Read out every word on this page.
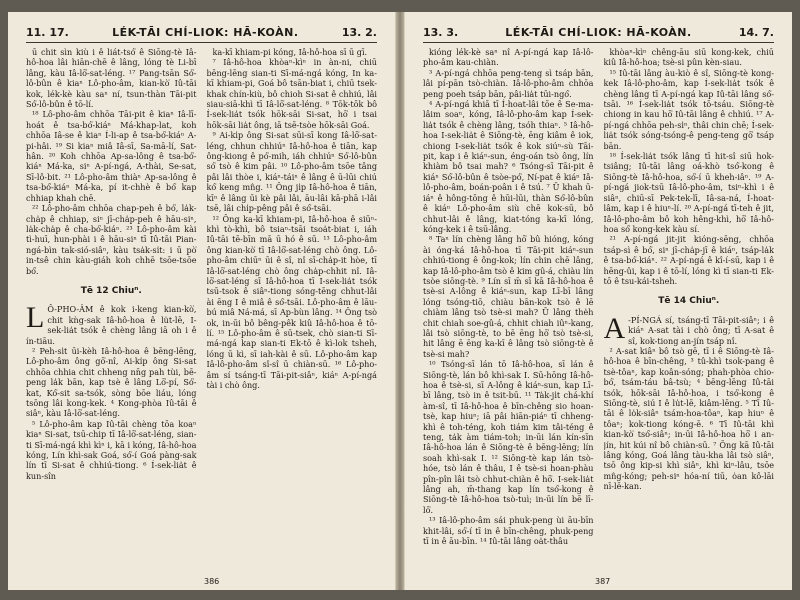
11. 17.	LÉK-TĀI CHÍ-LIOK: HĀ-KOÀN.	13. 2.

ū chit sìn kiù i ê liát-tsó͘ ê Siōng-tè Iâ-hô-hoa lâi hiān-chē ê lâng, lóng tè Li-bī lâng, kàu Iâ-lō͘-sat-léng. ¹⁷ Pang-tsān Só͘-lô-bûn ê kiaⁿ Lô-pho-âm, kian-kò͘ Iû-tāi kok, lék-kè kàu saⁿ ní, tsun-thàn Tāi-pit Só͘-lô-bûn ê tō-lí.

¹⁸ Lô-pho-âm chhōa Tāi-pit ê kiaⁿ Iâ-lī-hoát ê tsa-bó͘-kiáⁿ Má-khap-lat, koh chhōa Iâ-se ê kiaⁿ Í-li-ap ê tsa-bó͘-kiáⁿ A-pi-hâi. ¹⁹ Si kiaⁿ miâ Iâ-sī, Sa-mā-lí, Sat-hân. ²⁰ Koh chhōa Ap-sa-lông ê tsa-bó͘-kiáⁿ Má-ka, siⁿ A-pí-ngá, A-thài, Se-sat, Sī-lô-bit. ²¹ Lô-pho-âm thiàⁿ Ap-sa-lông ê tsa-bó͘-kiáⁿ Má-ka, pí it-chhè ê bó͘ kap chhiap khah chē.

²² Lô-pho-âm chhōa chap-peh ê bó͘, la̍k-cha̍p ê chhiap, siⁿ jī-cha̍p-peh ê hāu-siⁿ, la̍k-cha̍p ê cha-bó͘-kiáⁿ. ²³ Lô-pho-âm kài tì-huī, hun-phài i ê hāu-siⁿ tī Iû-tāi Pian-ngá-bìn tak-sió-siâⁿ, kàu tsa̍k-si̍t: i ū pò͘ in-tsê chin kàu-giáh koh chhē tsōe-tsōe bó͘.

Tē 12 Chiuⁿ.

L Ô-PHO-ÂM ê kok i-keng kian-kò͘, chit kǹg-sak Iâ-hô-hoa ê lu̍t-lē, I-sek-lia̍t tsók ê chèng lâng iā oh i ê ín-tiāu.

² Peh-si̍t ūi-kèh Iâ-hô-hoa ê bēng-lēng, Lô-pho-âm ông gō͘-nî, Ai-ki̍p ông Si-sat chhōa chhia chit chheng nn̄g pah tùi, bē-peng la̍k bān, kap tsè ê lâng Lō͘-pí, Só͘-kat, Kó͘-sit sa-tsók, sòng bōe liáu, lóng tsōng lâi kong-kek. ⁴ Kong-phòa Iû-tāi ê siâⁿ, kàu Iâ-lō͘-sat-léng.

⁵ Lô-pho-âm kap Iû-tāi chèng tōa koaⁿ kiaⁿ Si-sat, tsū-chip tī Iâ-lō͘-sat-léng, sian-ti Sī-má-ngá khì kìⁿ i, kā i kóng, Iâ-hô-hoa kóng, Lín khì-sak Goá, só͘-í Goá pàng-sak lín tī Si-sat ê chhiú-tiong. ⁶ Í-sek-lia̍t ê kun-sîn

ka-kī khiam-pi kóng, Iâ-hô-hoa sī ū gī.

⁷ Iâ-hô-hoa khòaⁿ-kìⁿ in àn-ni, chiū bēng-lēng sian-ti Sī-má-ngá kóng, In ka-kī khiam-pi, Goá bô tsān-biat i, chiū tsek-khak chín-kiù, bô chioh Si-sat ê chhiú, lâi siau-siā-khì tī Iâ-lō͘-sat-léng. ⁸ Tōk-tōk bô Í-sek-lia̍t tsók hōk-sāi Si-sat, hō͘ i tsai hōk-sāi lia̍t ông, iā tsē-tsòe hōk-sāi Goá.

⁹ Ai-ki̍p ông Si-sat sūi-sī kong Iâ-lō͘-sat-léng, chhun chhiúⁿ Iâ-hô-hoa ê tiān, kap ông-kiong ê pó͘-mih, iáh chhiúⁿ Só͘-lô-bûn só͘ tsò ê kim pâi. ¹⁰ Lô-pho-âm tsōe tâng pâi lâi thòe i, kiáⁿ-táiⁿ ê lâng ê ū-lūi chiú kó͘ keng mn̂g. ¹¹ Ông ji̍p Iâ-hô-hoa ê tiān, kīⁿ ê lâng ūi kè pâi lâi, āu-lâi kā-phā i-lâi tsē, lâi chi̍p-pêng pâi ê só͘-tsāi.

¹² Ông ka-kī khiam-pi, Iâ-hô-hoa ê siūⁿ-khì tò-khì, bô tsiaⁿ-tsāi tsoa̍t-biat i, iáh Iû-tāi tē-bīn mā ū hó ê sū. ¹³ Lô-pho-âm ông kian-kò͘ tī Iâ-lō͘-sat-léng chò ông. Lô-pho-âm chiūⁿ ūi ê sî, nî sī-cha̍p-it hòe, tī Iâ-lō͘-sat-léng chò ông cha̍p-chhit nî. Iâ-lō͘-sat-léng sī Iâ-hô-hoa tī I-sek-lia̍t tsók tsū-tsok ê siâⁿ-tiong sóng-tēng chhut-lâi ài ēng I ê miâ ê só͘-tsāi. Lô-pho-âm ê lāu-bú miâ Ná-má, sī Ap-bùn lâng. ¹⁴ Ông tsò ok, in-ūi bô bêng-pêk kiû Iâ-hô-hoa ê tō-lí. ¹⁵ Lô-pho-âm ê sū-tsek, chò sian-ti Sī-má-ngá kap sian-ti Ek-tō ê kì-lok tsheh, lóng ū kì, sī iah-kài ê sū. Lô-pho-âm kap Iâ-lô-pho-âm sî-sî ū chiàn-sū. ¹⁶ Lô-pho-âm sí tsáng-tī Tāi-pit-siâⁿ, kiáⁿ A-pí-ngá tài i chò ông.

386
13. 3.	LÉK-TĀI CHÍ-LIOK: HĀ-KOÀN.	14. 7.

kióng lék-kè saⁿ nî A-pí-ngá kap Iâ-lô-pho-âm kau-chiàn.

³ A-pí-ngá chhōa peng-teng sì tsáp bān, lâi pí-pān tsò-chiàn. Iâ-lô-pho-âm chhōa peng poeh tsáp bān, pâi-lia̍t tūi-ngó͘.

⁴ A-pí-ngá khiā tī Í-hoat-lâi tōe ê Se-ma-lâim soaⁿ, kóng, Iâ-lô-pho-âm kap Í-sek-lia̍t tsók ê chèng lâng, tsóh thiaⁿ. ⁵ Iâ-hô-hoa I-sek-lia̍t ê Siōng-tè, ēng kiâm ê iok, chiong I-sek-lia̍t tsók ê kok siúⁿ-sù Tāi-pit, kap i ê kiáⁿ-sun, éng-oán tsò ông, lín khiàm bô tsai mah? ⁶ Tsóng-sī Tāi-pit ê kiáⁿ Só͘-lô-bûn ê tsòe-pó͘, Ní-pat ê kiáⁿ Iâ-lô-pho-âm, boán-poân i ê tsú. ⁷ Ū khah ū-iáⁿ ê hông-tōng ê hūi-lūi, thàn Só͘-lô-bûn ê kiáⁿ Lô-pho-âm siù chē kok-sū, bô chhut-lâi ê lâng, kiat-tóng ka-kī lóng, kóng-kek i ê tsū-lâng.

⁸ Taⁿ lín chèng lâng hō͘ bû hióng, kóng ài óng-ká Iâ-hô-hoa tī Tāi-pit kiáⁿ-sun chhiú-tiong ê ông-kok; lín chin chē lâng, kap Iâ-lô-pho-âm tsò ê kim gû-á, chiàu lín tsòe siōng-tè. ⁹ Lín sī m̄ sī kā Iâ-hô-hoa ê tsè-si A-lông ê kiáⁿ-sun, kap Lī-bī lâng lóng tsóng-tiō, chiàu bān-kok tsò ê lē chiàm lâng tsò tsè-si mah? Ū lâng the̍h chit chiah soe-gû-á, chhit chiah iûⁿ-kang, lâi tsò siōng-tè, to bē ēng hō͘ tsò tsè-si, hit lâng ē ēng ka-kī ê lâng tsò siōng-tè ê tsè-si mah?

¹⁰ Tsóng-sī lán tō Iâ-hô-hoa, sī lán ê Siōng-tè, lán bô khì-sak I. Sū-hōng Iâ-hô-hoa ê tsè-si, sī A-lông ê kiáⁿ-sun, kap Lī-bī lâng, tsò in ê tsit-bū. ¹¹ Ta̍k-ji̍t chá-khí àm-sî, tī Iâ-hô-hoa ê bīn-chêng sio hoan-tsè, kap hiuⁿ; iā pâi hiān-piáⁿ tī chheng-khì ê toh-téng, koh tiám kim tâi-téng ê teng, ta̍k àm tiám-toh; in-ūi lán kín-sīn Iâ-hô-hoa lán ê Siōng-tè ê bēng-lēng; lín soah khì-sak I. ¹² Siōng-tè kap lán tsò-hóe, tsò lán ê thâu, I ê tsè-si hoan-phàu pîn-pîn lâi tsò chhut-chiàn ê hō͘. I-sek-lia̍t lâng ah, m̄-thang kap lín tsó͘-kong ê Siōng-tè Iâ-hô-hoa tsò-tuì; in-ūi lín bē lī-lō͘.

¹³ Iâ-lô-pho-âm sái phuk-peng ùi āu-bīn khit-lâi, só͘-í tī in ê bīn-chêng, phuk-peng tī in ê āu-bīn. ¹⁴ Iû-tāi lâng oa̍t-thâu

khòaⁿ-kìⁿ chêng-āu siū kong-kek, chiū kiû Iâ-hô-hoa; tsè-si pûn kèn-siau.

¹⁵ Iû-tāi lâng àu-kiò ê sî, Siōng-tè kong-kek Iâ-lô-pho-âm, kap Í-sek-lia̍t tsók ê chèng lâng tī A-pí-ngá kap Iû-tāi lâng só͘-tsāi. ¹⁶ Í-sek-lia̍t tsók tō-tsáu. Siōng-tè chiong in kau hō͘ Iû-tāi lâng ê chhiú. ¹⁷ A-pí-ngá chhōa peh-si̍ⁿ, thâi chin chē; Í-sek-lia̍t tsók sóng-tsóng-ê peng-teng gō͘ tsáp bān.

¹⁸ Í-sek-lia̍t tsók lâng tī hit-sî siū hok-tsiâng; Iû-tāi lâng oá-khò tsó͘-kong ê Siōng-tè Iâ-hô-hoa, só͘-í ū kheh-iâⁿ. ¹⁹ A-pí-ngá jiok-tsū Iâ-lô-pho-âm, tsiⁿ-khì i ê siâⁿ, chiū-sī Pek-tek-lī, Iâ-sa-ná, Í-hoat-lâm, kap i ê hiuⁿ-lí. ²⁰ A-pí-ngá tī-teh ê jit, Iâ-lô-pho-âm bô koh hêng-khì, hō͘ Iâ-hô-hoa só͘ kong-kek kàu sí.

²¹ A-pí-ngá jit-jit kióng-sēng, chhōa tsáp-sì ê bó͘, siⁿ jī-cha̍p-jī ê kiáⁿ, tsáp-la̍k ê tsa-bó͘-kiáⁿ. ²² A-pí-ngá ê kî-í-sū, kap i ê hēng-ûi, kap i ê tō-lí, lóng kì tī sian-ti Ek-tō ê tsu-kái-tsheh.

Tē 14 Chiuⁿ.

A -PÍ-NGÁ sí, tsáng-tī Tāi-pit-siâⁿ; i ê kiáⁿ A-sat tài i chò ông; tī A-sat ê sî, kok-tiong an-jín tsáp nî.

² A-sat kiâⁿ bô tsò gē, tī i ê Siōng-tè Iâ-hô-hoa ê bīn-chêng, ³ tû-khì tsok-pang ê tsè-tôaⁿ, kap koân-sóng; phah-phòa chio-bó͘, tsám-táu bâ-tsù; ⁴ bēng-lēng Iû-tāi tsók, hōk-sāi Iâ-hô-hoa, i tsó͘-kong ê Siōng-tè, siú I ê lu̍t-lē, kiâm-lēng. ⁵ Tī Iû-tāi ê lo̍k-siâⁿ tsám-hoa-tôaⁿ, kap hiuⁿ ê tôaⁿ; kok-tiong kóng-ē. ⁶ Tī Iû-tāi khì kian-kò͘ tsó͘-siâⁿ; in-ūi Iâ-hô-hoa hō͘ i an-jín, hit kúi nî bô chiàn-sū. ⁷ Ōng kā Iû-tāi lâng kóng, Goá lâng tàu-kha lâi tsò siâⁿ, tsō ông kip-si khì siâⁿ, khì kiⁿ-lâu, tsōe mn̂g-kóng; peh-siⁿ hóa-ní tiū, ȯan kô-lāi nī-lē-kan.

387
